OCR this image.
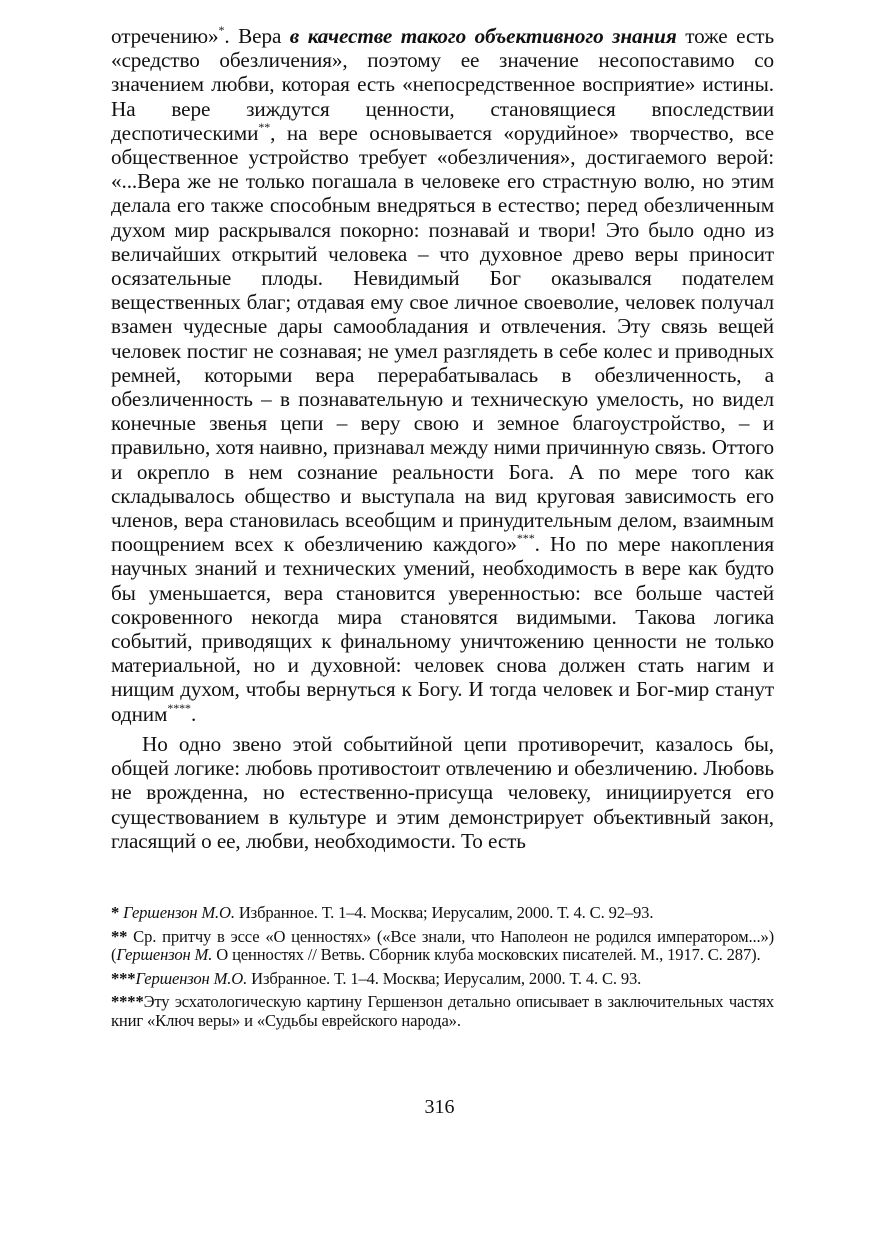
отречению»*. Вера в качестве такого объективного знания тоже есть «средство обезличения», поэтому ее значение несопоставимо со значением любви, которая есть «непосредственное восприятие» истины. На вере зиждутся ценности, становящиеся впоследствии деспотическими**, на вере основывается «орудийное» творчество, все общественное устройство требует «обезличения», достигаемого верой: «...Вера же не только погашала в человеке его страстную волю, но этим делала его также способным внедряться в естество; перед обезличенным духом мир раскрывался покорно: познавай и твори! Это было одно из величайших открытий человека – что духовное древо веры приносит осязательные плоды. Невидимый Бог оказывался подателем вещественных благ; отдавая ему свое личное своеволие, человек получал взамен чудесные дары самообладания и отвлечения. Эту связь вещей человек постиг не сознавая; не умел разглядеть в себе колес и приводных ремней, которыми вера перерабатывалась в обезличенность, а обезличенность – в познавательную и техническую умелость, но видел конечные звенья цепи – веру свою и земное благоустройство, – и правильно, хотя наивно, признавал между ними причинную связь. Оттого и окрепло в нем сознание реальности Бога. А по мере того как складывалось общество и выступала на вид круговая зависимость его членов, вера становилась всеобщим и принудительным делом, взаимным поощрением всех к обезличению каждого»***. Но по мере накопления научных знаний и технических умений, необходимость в вере как будто бы уменьшается, вера становится уверенностью: все больше частей сокровенного некогда мира становятся видимыми. Такова логика событий, приводящих к финальному уничтожению ценности не только материальной, но и духовной: человек снова должен стать нагим и нищим духом, чтобы вернуться к Богу. И тогда человек и Бог-мир станут одним****.

Но одно звено этой событийной цепи противоречит, казалось бы, общей логике: любовь противостоит отвлечению и обезличению. Любовь не врожденна, но естественно-присуща человеку, инициируется его существованием в культуре и этим демонстрирует объективный закон, гласящий о ее, любви, необходимости. То есть

* Гершензон М.О. Избранное. Т. 1–4. Москва; Иерусалим, 2000. Т. 4. С. 92–93.

** Ср. притчу в эссе «О ценностях» («Все знали, что Наполеон не родился императором...») (Гершензон М. О ценностях // Ветвь. Сборник клуба московских писателей. М., 1917. С. 287).

***Гершензон М.О. Избранное. Т. 1–4. Москва; Иерусалим, 2000. Т. 4. С. 93.

****Эту эсхатологическую картину Гершензон детально описывает в заключительных частях книг «Ключ веры» и «Судьбы еврейского народа».

316
